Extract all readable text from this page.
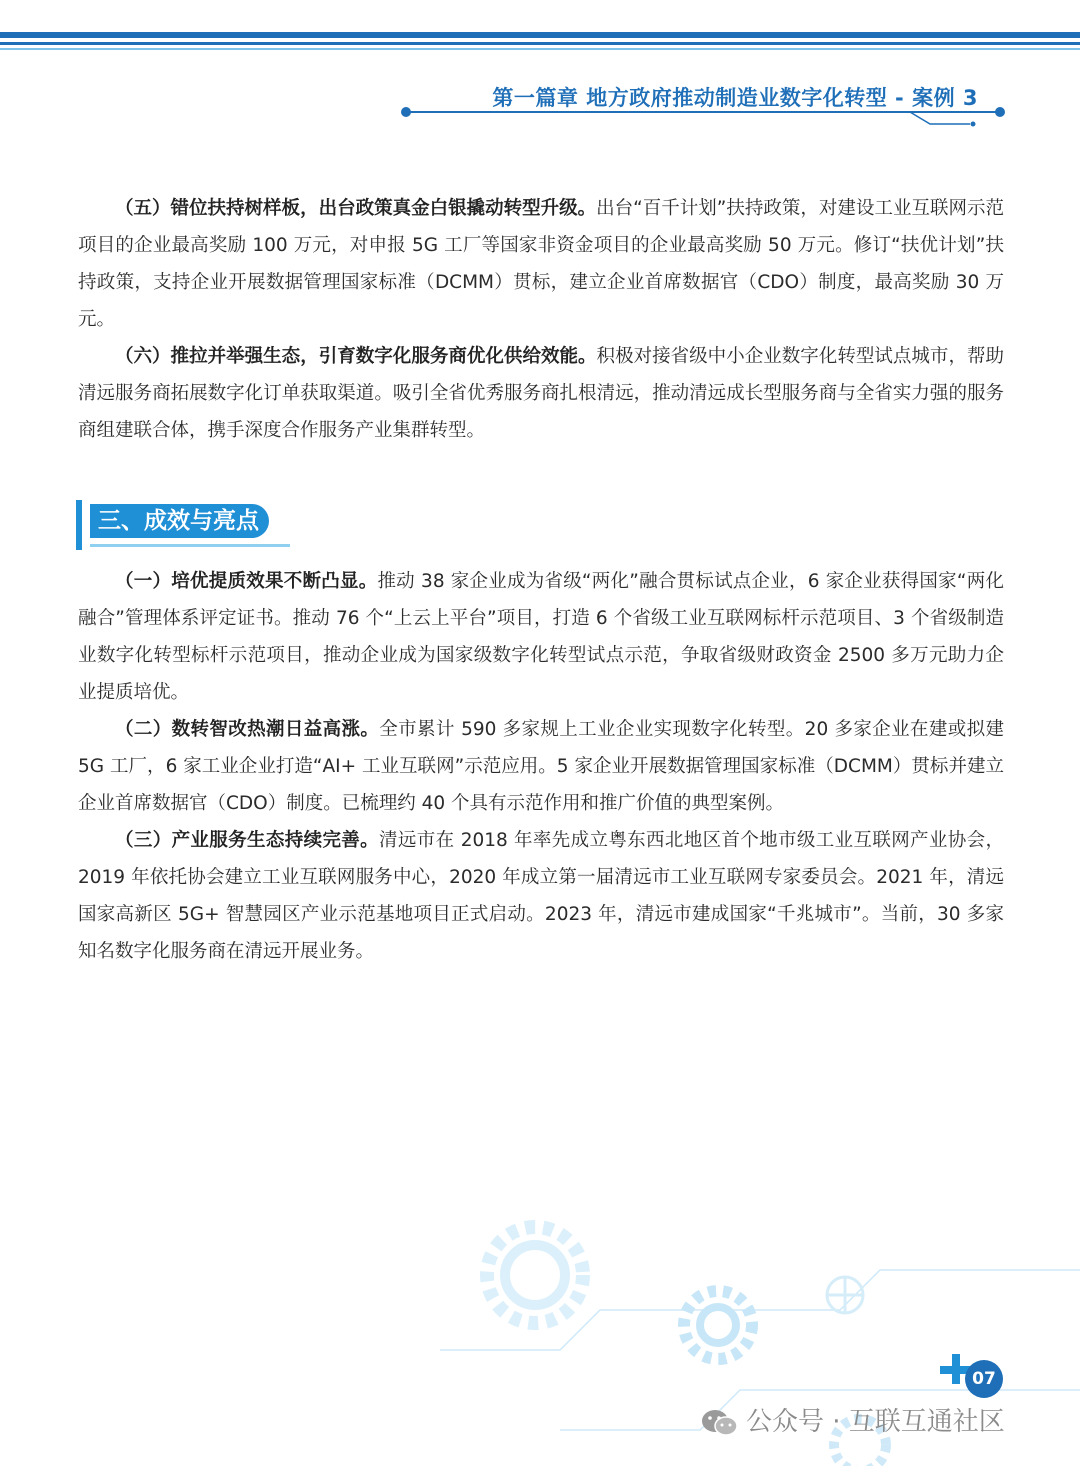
第一篇章 地方政府推动制造业数字化转型 - 案例 3

（五）错位扶持树样板，出台政策真金白银撬动转型升级。出台“百千计划”扶持政策，对建设工业互联网示范项目的企业最高奖励 100 万元，对申报 5G 工厂等国家非资金项目的企业最高奖励 50 万元。修订“扶优计划”扶持政策，支持企业开展数据管理国家标准（DCMM）贯标，建立企业首席数据官（CDO）制度，最高奖励 30 万元。

（六）推拉并举强生态，引育数字化服务商优化供给效能。积极对接省级中小企业数字化转型试点城市，帮助清远服务商拓展数字化订单获取渠道。吸引全省优秀服务商扎根清远，推动清远成长型服务商与全省实力强的服务商组建联合体，携手深度合作服务产业集群转型。

三、成效与亮点

（一）培优提质效果不断凸显。推动 38 家企业成为省级“两化”融合贯标试点企业，6 家企业获得国家“两化融合”管理体系评定证书。推动 76 个“上云上平台”项目，打造 6 个省级工业互联网标杆示范项目、3 个省级制造业数字化转型标杆示范项目，推动企业成为国家级数字化转型试点示范，争取省级财政资金 2500 多万元助力企业提质培优。

（二）数转智改热潮日益高涨。全市累计 590 多家规上工业企业实现数字化转型。20 多家企业在建或拟建 5G 工厂，6 家工业企业打造“AI+ 工业互联网”示范应用。5 家企业开展数据管理国家标准（DCMM）贯标并建立企业首席数据官（CDO）制度。已梳理约 40 个具有示范作用和推广价值的典型案例。

（三）产业服务生态持续完善。清远市在 2018 年率先成立粤东西北地区首个地市级工业互联网产业协会，2019 年依托协会建立工业互联网服务中心，2020 年成立第一届清远市工业互联网专家委员会。2021 年，清远国家高新区 5G+ 智慧园区产业示范基地项目正式启动。2023 年，清远市建成国家“千兆城市”。当前，30 多家知名数字化服务商在清远开展业务。

07
公众号 · 互联互通社区
